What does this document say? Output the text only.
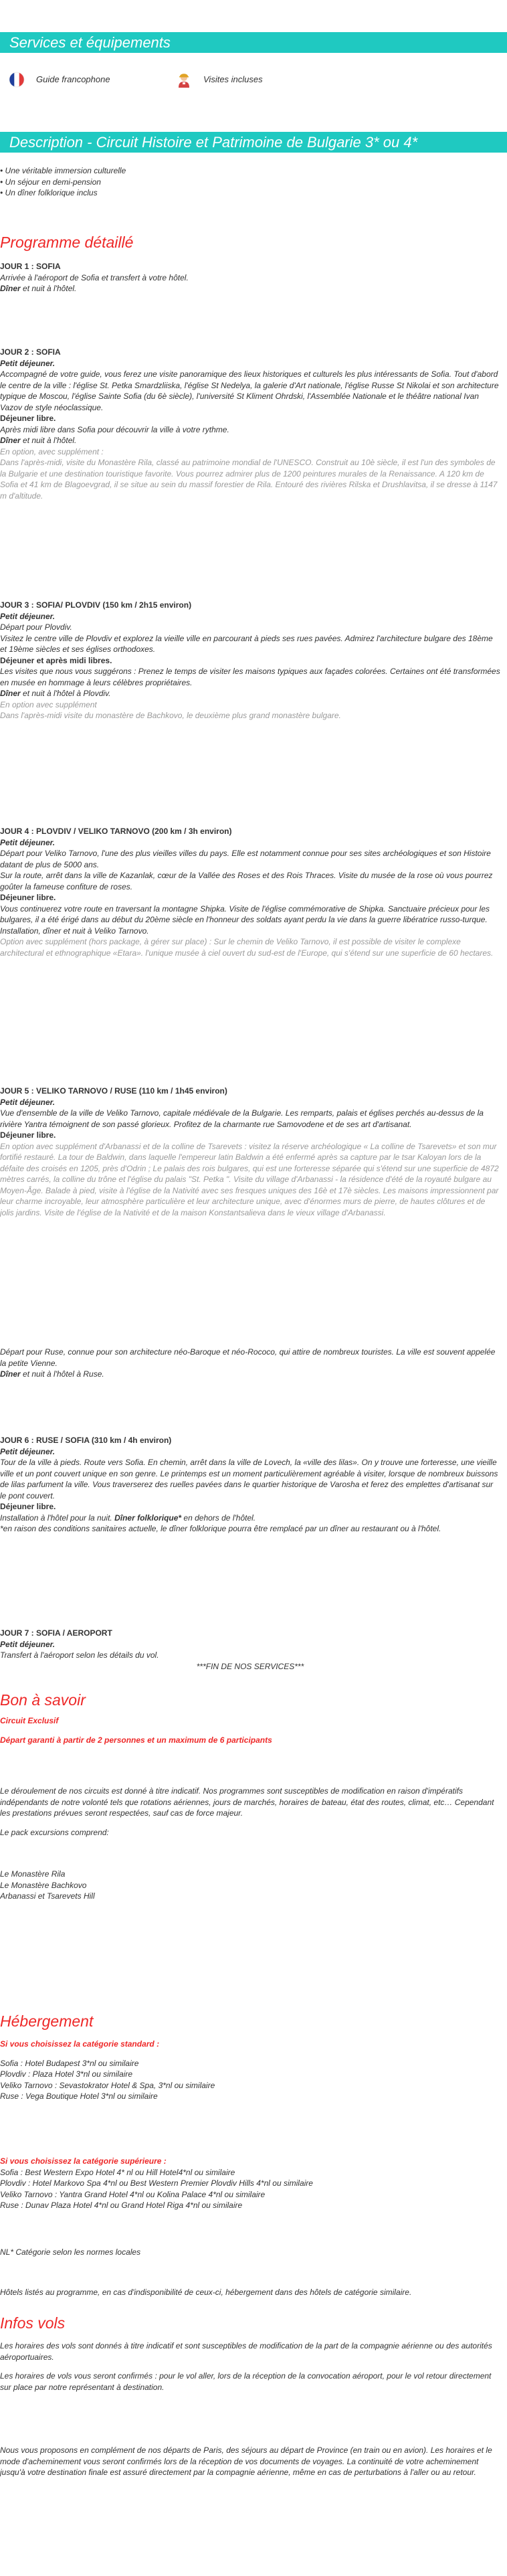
Services et équipements
Guide francophone	Visites incluses
Description - Circuit Histoire et Patrimoine de Bulgarie 3* ou 4*

• Une véritable immersion culturelle

• Un séjour en demi-pension

• Un dîner folklorique inclus

Programme détaillé

JOUR 1 : SOFIA

Arrivée à l'aéroport de Sofia et transfert à votre hôtel.

Dîner et nuit à l'hôtel.

JOUR 2 : SOFIA

Petit déjeuner.

Accompagné de votre guide, vous ferez une visite panoramique des lieux historiques et culturels les plus intéressants de Sofia. Tout d'abord le centre de la ville : l'église St. Petka Smardzliiska, l'église St Nedelya, la galerie d'Art nationale, l'église Russe St Nikolai et son architecture typique de Moscou, l'église Sainte Sofia (du 6è siècle), l'université St Kliment Ohrdski, l'Assemblée Nationale et le théâtre national Ivan Vazov de style néoclassique.

Déjeuner libre.

Après midi libre dans Sofia pour découvrir la ville à votre rythme.

Dîner et nuit à l'hôtel.

En option, avec supplément :

Dans l'après-midi, visite du Monastère Rila, classé au patrimoine mondial de l'UNESCO. Construit au 10è siècle, il est l'un des symboles de la Bulgarie et une destination touristique favorite. Vous pourrez admirer plus de 1200 peintures murales de la Renaissance. A 120 km de Sofia et 41 km de Blagoevgrad, il se situe au sein du massif forestier de Rila. Entouré des rivières Rilska et Drushlavitsa, il se dresse à 1147 m d'altitude.

JOUR 3 : SOFIA/ PLOVDIV (150 km / 2h15 environ)

Petit déjeuner.

Départ pour Plovdiv.

Visitez le centre ville de Plovdiv et explorez la vieille ville en parcourant à pieds ses rues pavées. Admirez l'architecture bulgare des 18ème et 19ème siècles et ses églises orthodoxes.

Déjeuner et après midi libres.

Les visites que nous vous suggérons : Prenez le temps de visiter les maisons typiques aux façades colorées. Certaines ont été transformées en musée en hommage à leurs célèbres propriétaires.

Dîner et nuit à l'hôtel à Plovdiv.

En option avec supplément

Dans l'après-midi visite du monastère de Bachkovo, le deuxième plus grand monastère bulgare.

JOUR 4 : PLOVDIV / VELIKO TARNOVO (200 km / 3h environ)

Petit déjeuner.

Départ pour Veliko Tarnovo, l'une des plus vieilles villes du pays. Elle est notamment connue pour ses sites archéologiques et son Histoire datant de plus de 5000 ans.

Sur la route, arrêt dans la ville de Kazanlak, cœur de la Vallée des Roses et des Rois Thraces. Visite du musée de la rose où vous pourrez goûter la fameuse confiture de roses.

Déjeuner libre.

Vous continuerez votre route en traversant la montagne Shipka. Visite de l'église commémorative de Shipka. Sanctuaire précieux pour les bulgares, il a été érigé dans au début du 20ème siècle en l'honneur des soldats ayant perdu la vie dans la guerre libératrice russo-turque.

Installation, dîner et nuit à Veliko Tarnovo.

Option avec supplément (hors package, à gérer sur place) : Sur le chemin de Veliko Tarnovo, il est possible de visiter le complexe architectural et ethnographique «Etara». l'unique musée à ciel ouvert du sud-est de l'Europe, qui s'étend sur une superficie de 60 hectares.

JOUR 5 : VELIKO TARNOVO / RUSE (110 km / 1h45 environ)

Petit déjeuner.

Vue d'ensemble de la ville de Veliko Tarnovo, capitale médiévale de la Bulgarie. Les remparts, palais et églises perchés au-dessus de la rivière Yantra témoignent de son passé glorieux. Profitez de la charmante rue Samovodene et de ses art d'artisanat.

Déjeuner libre.

En option avec supplément d'Arbanassi et de la colline de Tsarevets : visitez la réserve archéologique « La colline de Tsarevets» et son mur fortifié restauré. La tour de Baldwin, dans laquelle l'empereur latin Baldwin a été enfermé après sa capture par le tsar Kaloyan lors de la défaite des croisés en 1205, près d'Odrin ; Le palais des rois bulgares, qui est une forteresse séparée qui s'étend sur une superficie de 4872 mètres carrés, la colline du trône et l'église du palais "St. Petka ". Visite du village d'Arbanassi - la résidence d'été de la royauté bulgare au Moyen-Âge. Balade à pied, visite à l'église de la Nativité avec ses fresques uniques des 16è et 17è siècles. Les maisons impressionnent par leur charme incroyable, leur atmosphère particulière et leur architecture unique, avec d'énormes murs de pierre, de hautes clôtures et de jolis jardins. Visite de l'église de la Nativité et de la maison Konstantsalieva dans le vieux village d'Arbanassi.

Départ pour Ruse, connue pour son architecture néo-Baroque et néo-Rococo, qui attire de nombreux touristes. La ville est souvent appelée la petite Vienne.

Dîner et nuit à l'hôtel à Ruse.

JOUR 6 : RUSE / SOFIA (310 km / 4h environ)

Petit déjeuner.

Tour de la ville à pieds. Route vers Sofia. En chemin, arrêt dans la ville de Lovech, la «ville des lilas». On y trouve une forteresse, une vieille ville et un pont couvert unique en son genre. Le printemps est un moment particulièrement agréable à visiter, lorsque de nombreux buissons de lilas parfument la ville. Vous traverserez des ruelles pavées dans le quartier historique de Varosha et ferez des emplettes d'artisanat sur le pont couvert.

Déjeuner libre.

Installation à l'hôtel pour la nuit. Dîner folklorique* en dehors de l'hôtel.

*en raison des conditions sanitaires actuelle, le dîner folklorique pourra être remplacé par un dîner au restaurant ou à l'hôtel.

JOUR 7 : SOFIA / AEROPORT

Petit déjeuner.

Transfert à l'aéroport selon les détails du vol.

***FIN DE NOS SERVICES***

Bon à savoir

Circuit Exclusif

Départ garanti à partir de 2 personnes et un maximum de 6 participants

Le déroulement de nos circuits est donné à titre indicatif. Nos programmes sont susceptibles de modification en raison d'impératifs indépendants de notre volonté tels que rotations aériennes, jours de marchés, horaires de bateau, état des routes, climat, etc… Cependant les prestations prévues seront respectées, sauf cas de force majeur.

Le pack excursions comprend:

Le Monastère Rila

Le Monastère Bachkovo

Arbanassi et Tsarevets Hill

Hébergement

Si vous choisissez la catégorie standard :

Sofia : Hotel Budapest 3*nl ou similaire

Plovdiv : Plaza Hotel 3*nl ou similaire

Veliko Tarnovo : Sevastokrator Hotel & Spa, 3*nl ou similaire

Ruse : Vega Boutique Hotel 3*nl ou similaire

Si vous choisissez la catégorie supérieure :

Sofia : Best Western Expo Hotel 4* nl ou Hill Hotel4*nl ou similaire

Plovdiv : Hotel Markovo Spa 4*nl ou Best Western Premier Plovdiv Hills 4*nl ou similaire

Veliko Tarnovo : Yantra Grand Hotel 4*nl ou Kolina Palace 4*nl ou similaire

Ruse : Dunav Plaza Hotel 4*nl ou Grand Hotel Riga 4*nl ou similaire

NL* Catégorie selon les normes locales

Hôtels listés au programme, en cas d'indisponibilité de ceux-ci, hébergement dans des hôtels de catégorie similaire.

Infos vols

Les horaires des vols sont donnés à titre indicatif et sont susceptibles de modification de la part de la compagnie aérienne ou des autorités aéroportuaires.

Les horaires de vols vous seront confirmés : pour le vol aller, lors de la réception de la convocation aéroport, pour le vol retour directement sur place par notre représentant à destination.

Nous vous proposons en complément de nos départs de Paris, des séjours au départ de Province (en train ou en avion). Les horaires et le mode d'acheminement vous seront confirmés lors de la réception de vos documents de voyages. La continuité de votre acheminement jusqu'à votre destination finale est assuré directement par la compagnie aérienne, même en cas de perturbations à l'aller ou au retour.
